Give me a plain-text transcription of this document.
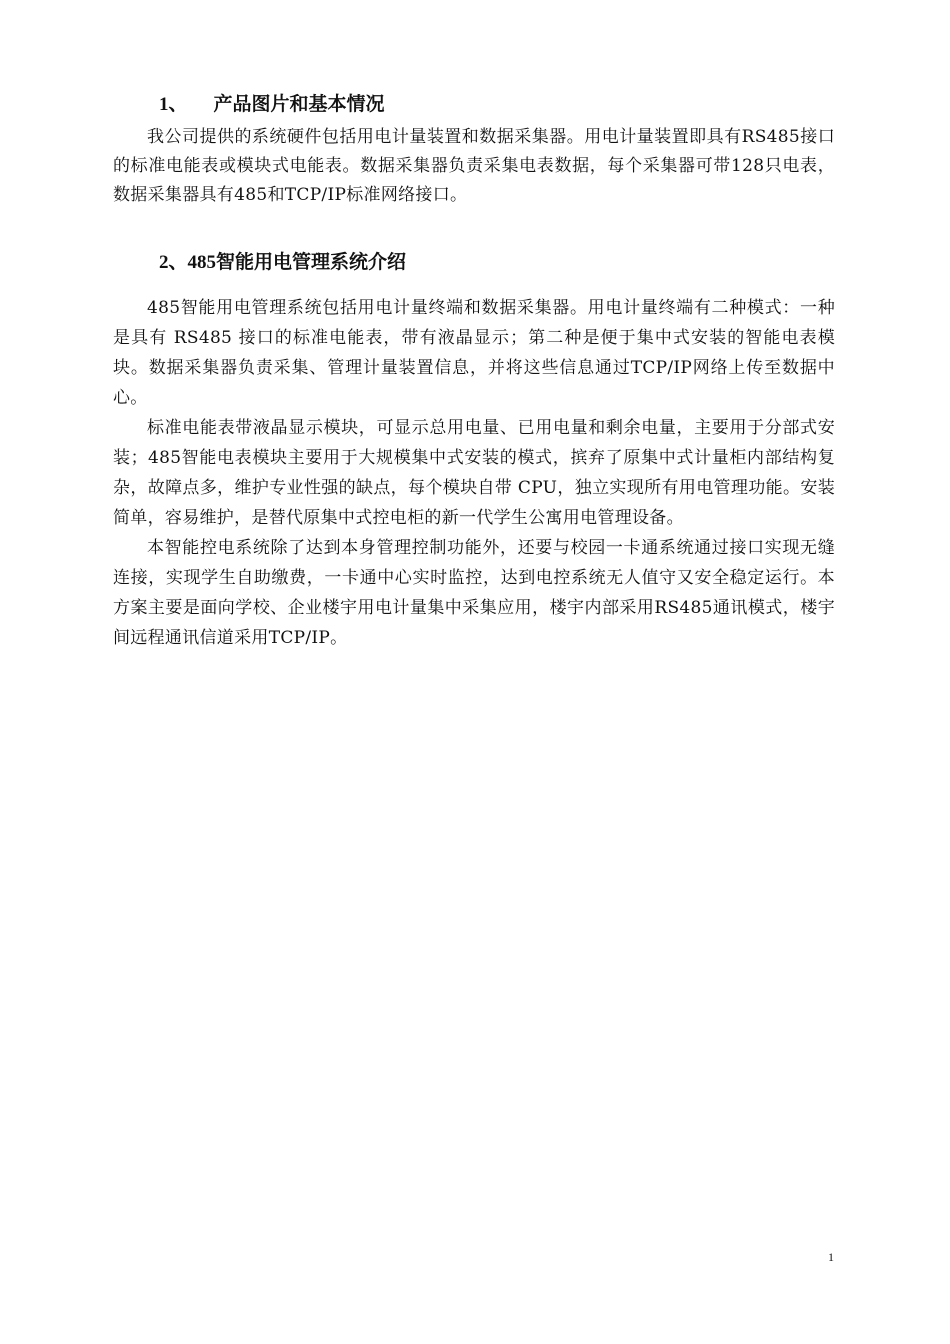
1、 产品图片和基本情况

我公司提供的系统硬件包括用电计量装置和数据采集器。用电计量装置即具有RS485接口的标准电能表或模块式电能表。数据采集器负责采集电表数据，每个采集器可带128只电表，数据采集器具有485和TCP/IP标准网络接口。

2、485智能用电管理系统介绍

485智能用电管理系统包括用电计量终端和数据采集器。用电计量终端有二种模式：一种是具有 RS485 接口的标准电能表，带有液晶显示；第二种是便于集中式安装的智能电表模块。数据采集器负责采集、管理计量装置信息，并将这些信息通过TCP/IP网络上传至数据中心。

标准电能表带液晶显示模块，可显示总用电量、已用电量和剩余电量，主要用于分部式安装；485智能电表模块主要用于大规模集中式安装的模式，摈弃了原集中式计量柜内部结构复杂，故障点多，维护专业性强的缺点，每个模块自带 CPU，独立实现所有用电管理功能。安装简单，容易维护，是替代原集中式控电柜的新一代学生公寓用电管理设备。

本智能控电系统除了达到本身管理控制功能外，还要与校园一卡通系统通过接口实现无缝连接，实现学生自助缴费，一卡通中心实时监控，达到电控系统无人值守又安全稳定运行。本方案主要是面向学校、企业楼宇用电计量集中采集应用，楼宇内部采用RS485通讯模式，楼宇间远程通讯信道采用TCP/IP。

1
